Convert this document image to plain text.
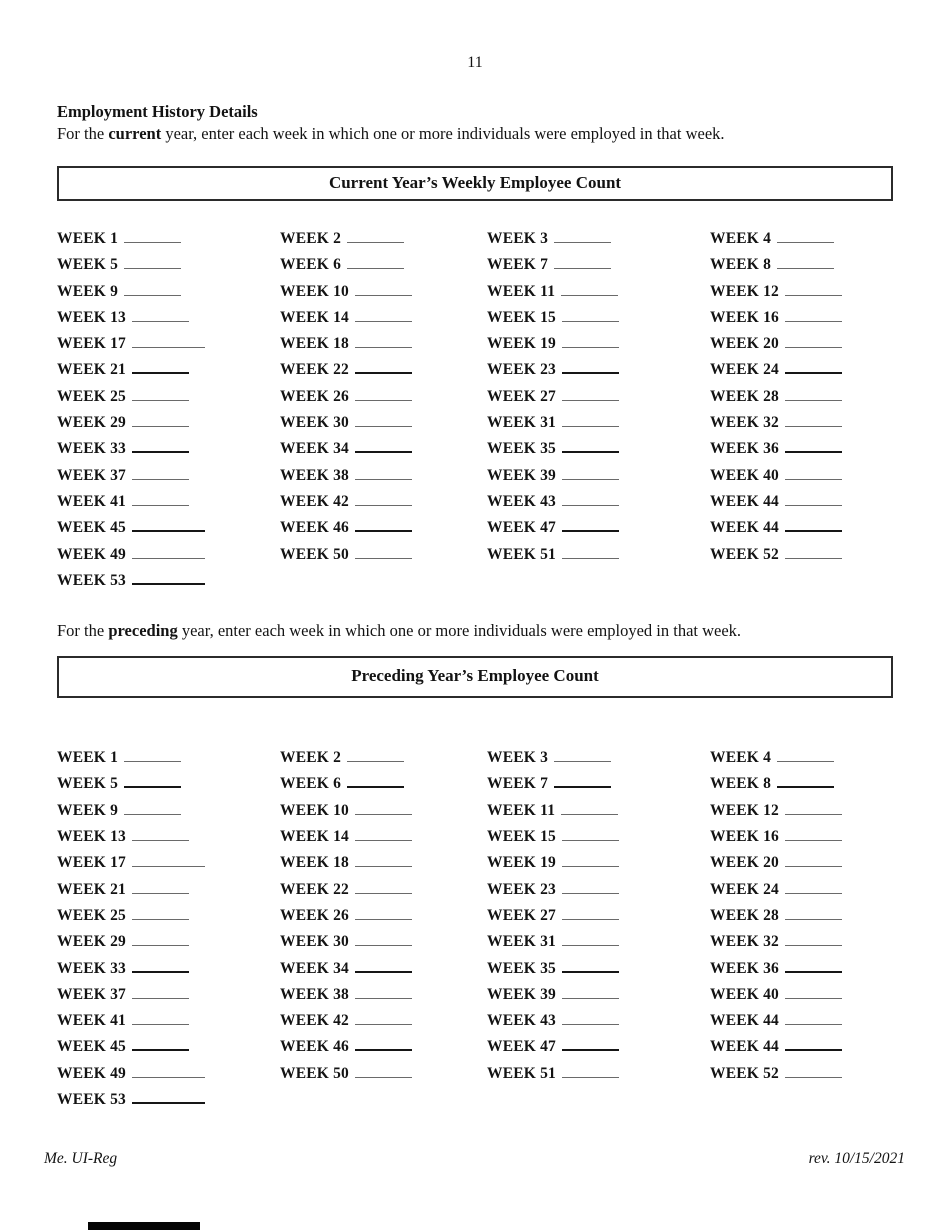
11
Employment History Details

For the current year, enter each week in which one or more individuals were employed in that week.

Current Year’s Weekly Employee Count
WEEK 1	WEEK 2	WEEK 3	WEEK 4
WEEK 5	WEEK 6	WEEK 7	WEEK 8
WEEK 9	WEEK 10	WEEK 11	WEEK 12
WEEK 13	WEEK 14	WEEK 15	WEEK 16
WEEK 17	WEEK 18	WEEK 19	WEEK 20
WEEK 21	WEEK 22	WEEK 23	WEEK 24
WEEK 25	WEEK 26	WEEK 27	WEEK 28
WEEK 29	WEEK 30	WEEK 31	WEEK 32
WEEK 33	WEEK 34	WEEK 35	WEEK 36
WEEK 37	WEEK 38	WEEK 39	WEEK 40
WEEK 41	WEEK 42	WEEK 43	WEEK 44
WEEK 45	WEEK 46	WEEK 47	WEEK 44
WEEK 49	WEEK 50	WEEK 51	WEEK 52
WEEK 53

For the preceding year, enter each week in which one or more individuals were employed in that week.

Preceding Year’s Employee Count
WEEK 1	WEEK 2	WEEK 3	WEEK 4
WEEK 5	WEEK 6	WEEK 7	WEEK 8
WEEK 9	WEEK 10	WEEK 11	WEEK 12
WEEK 13	WEEK 14	WEEK 15	WEEK 16
WEEK 17	WEEK 18	WEEK 19	WEEK 20
WEEK 21	WEEK 22	WEEK 23	WEEK 24
WEEK 25	WEEK 26	WEEK 27	WEEK 28
WEEK 29	WEEK 30	WEEK 31	WEEK 32
WEEK 33	WEEK 34	WEEK 35	WEEK 36
WEEK 37	WEEK 38	WEEK 39	WEEK 40
WEEK 41	WEEK 42	WEEK 43	WEEK 44
WEEK 45	WEEK 46	WEEK 47	WEEK 44
WEEK 49	WEEK 50	WEEK 51	WEEK 52
WEEK 53
Me. UI-Reg	rev. 10/15/2021
